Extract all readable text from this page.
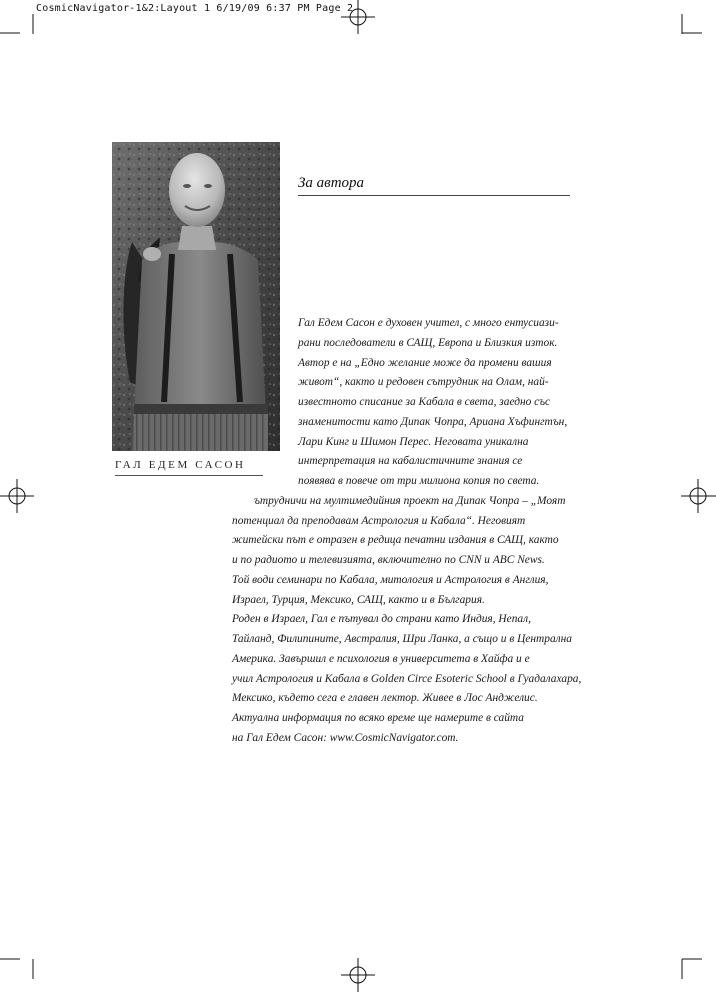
CosmicNavigator-1&2:Layout 1 6/19/09 6:37 PM Page 2
ГАЛ ЕДЕМ САСОН
За автора
Гал Едем Сасон е духовен учител, с много ентусиази-
рани последователи в САЩ, Европа и Близкия изток.
Автор е на „Едно желание може да промени вашия
живот“, както и редовен сътрудник на Олам, най-
известното списание за Кабала в света, заедно със
знаменитости като Дипак Чопра, Ариана Хъфингтън,
Лари Кинг и Шимон Перес. Неговата уникална
интерпретация на кабалистичните знания се
появява в повече от три милиона копия по света.
ътрудничи на мултимедийния проект на Дипак Чопра – „Моят
потенциал да преподавам Астрология и Кабала“. Неговият
житейски път е отразен в редица печатни издания в САЩ, както
и по радиото и телевизията, включително по CNN и ABC News.
Той води семинари по Кабала, митология и Астрология в Англия,
Израел, Турция, Мексико, САЩ, както и в България.
Роден в Израел, Гал е пътувал до страни като Индия, Непал,
Тайланд, Филипините, Австралия, Шри Ланка, а също и в Централна
Америка. Завършил е психология в университета в Хайфа и е
учил Астрология и Кабала в Golden Circe Esoteric School в Гуадалахара,
Мексико, където сега е главен лектор. Живее в Лос Анджелис.
Актуална информация по всяко време ще намерите в сайта
на Гал Едем Сасон: www.CosmicNavigator.com.
